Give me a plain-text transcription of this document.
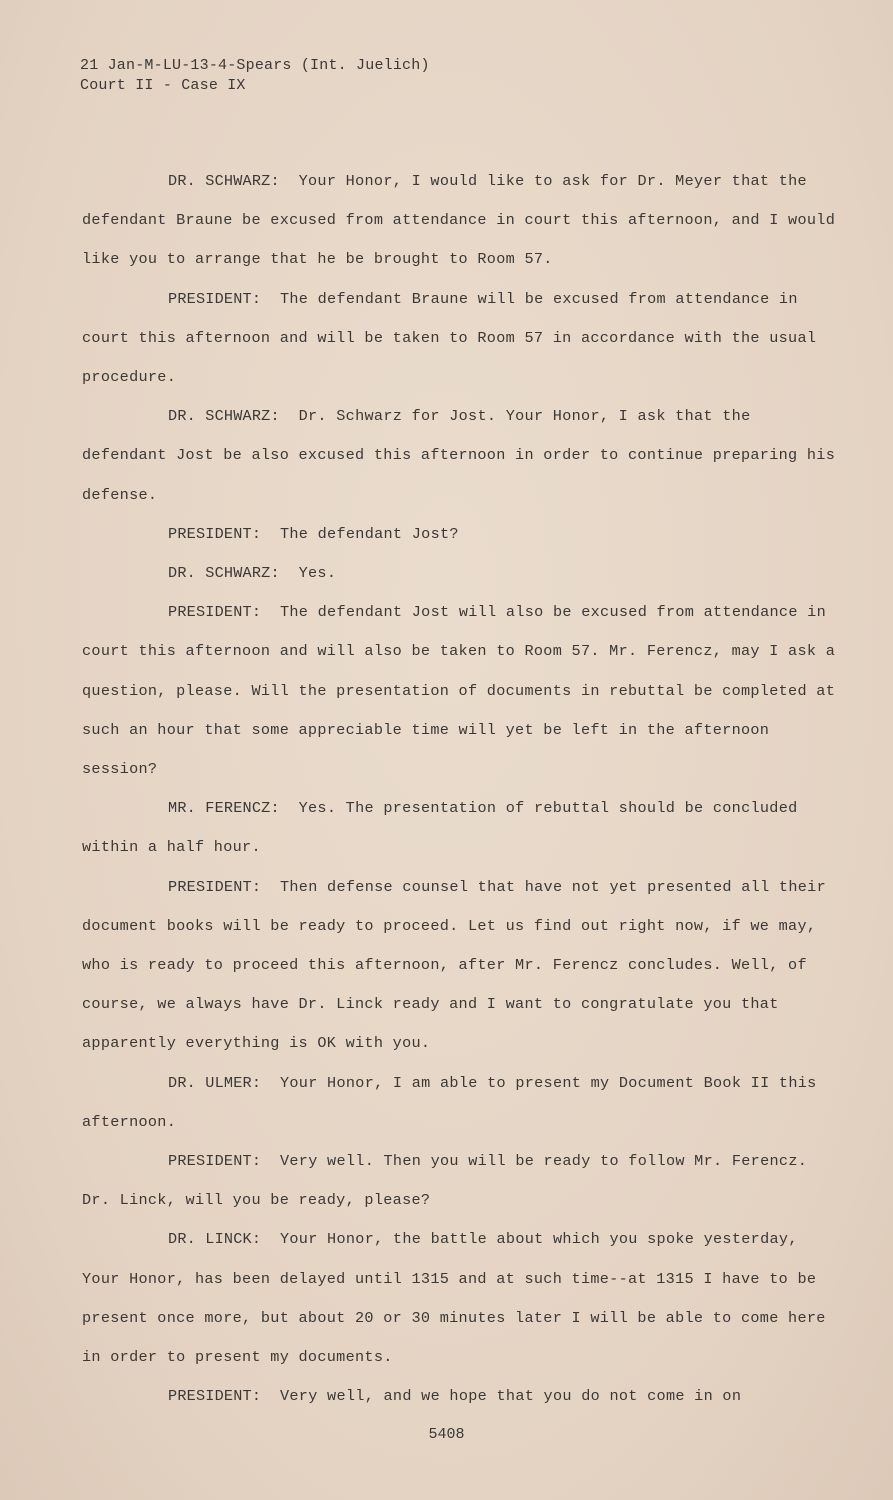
21 Jan-M-LU-13-4-Spears (Int. Juelich)
Court II - Case IX

DR. SCHWARZ: Your Honor, I would like to ask for Dr. Meyer that the defendant Braune be excused from attendance in court this afternoon, and I would like you to arrange that he be brought to Room 57.

PRESIDENT: The defendant Braune will be excused from attendance in court this afternoon and will be taken to Room 57 in accordance with the usual procedure.

DR. SCHWARZ: Dr. Schwarz for Jost. Your Honor, I ask that the defendant Jost be also excused this afternoon in order to continue preparing his defense.

PRESIDENT: The defendant Jost?

DR. SCHWARZ: Yes.

PRESIDENT: The defendant Jost will also be excused from attendance in court this afternoon and will also be taken to Room 57. Mr. Ferencz, may I ask a question, please. Will the presentation of documents in rebuttal be completed at such an hour that some appreciable time will yet be left in the afternoon session?

MR. FERENCZ: Yes. The presentation of rebuttal should be concluded within a half hour.

PRESIDENT: Then defense counsel that have not yet presented all their document books will be ready to proceed. Let us find out right now, if we may, who is ready to proceed this afternoon, after Mr. Ferencz concludes. Well, of course, we always have Dr. Linck ready and I want to congratulate you that apparently everything is OK with you.

DR. ULMER: Your Honor, I am able to present my Document Book II this afternoon.

PRESIDENT: Very well. Then you will be ready to follow Mr. Ferencz. Dr. Linck, will you be ready, please?

DR. LINCK: Your Honor, the battle about which you spoke yesterday, Your Honor, has been delayed until 1315 and at such time--at 1315 I have to be present once more, but about 20 or 30 minutes later I will be able to come here in order to present my documents.

PRESIDENT: Very well, and we hope that you do not come in on

5408
